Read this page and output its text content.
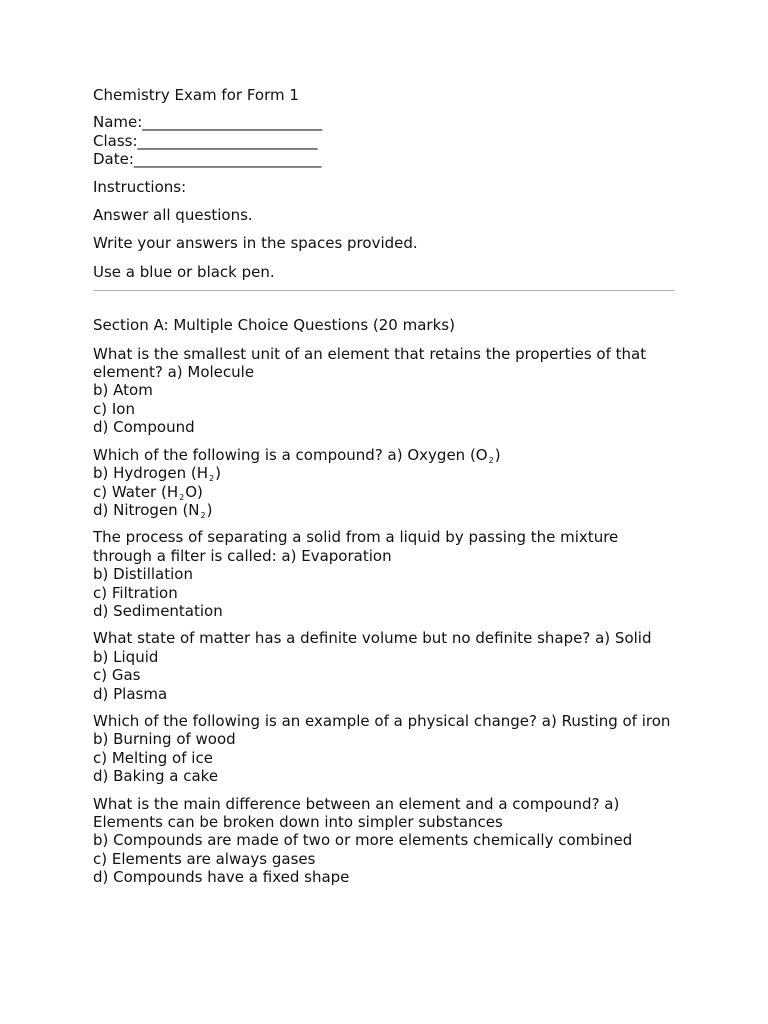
Chemistry Exam for Form 1

Name:________________________

Class:________________________

Date:_________________________

Instructions:

Answer all questions.

Write your answers in the spaces provided.

Use a blue or black pen.

Section A: Multiple Choice Questions (20 marks)

What is the smallest unit of an element that retains the properties of that element? a) Molecule

b) Atom
c) Ion
d) Compound

Which of the following is a compound? a) Oxygen $(O_2)$

b) Hydrogen $(H_2)$
c) Water $(H_2O)$
d) Nitrogen $(N_2)$

The process of separating a solid from a liquid by passing the mixture through a filter is called: a) Evaporation

b) Distillation
c) Filtration
d) Sedimentation

What state of matter has a definite volume but no definite shape? a) Solid

b) Liquid
c) Gas
d) Plasma

Which of the following is an example of a physical change? a) Rusting of iron

b) Burning of wood
c) Melting of ice
d) Baking a cake

What is the main difference between an element and a compound? a) Elements can be broken down into simpler substances

b) Compounds are made of two or more elements chemically combined
c) Elements are always gases
d) Compounds have a fixed shape
